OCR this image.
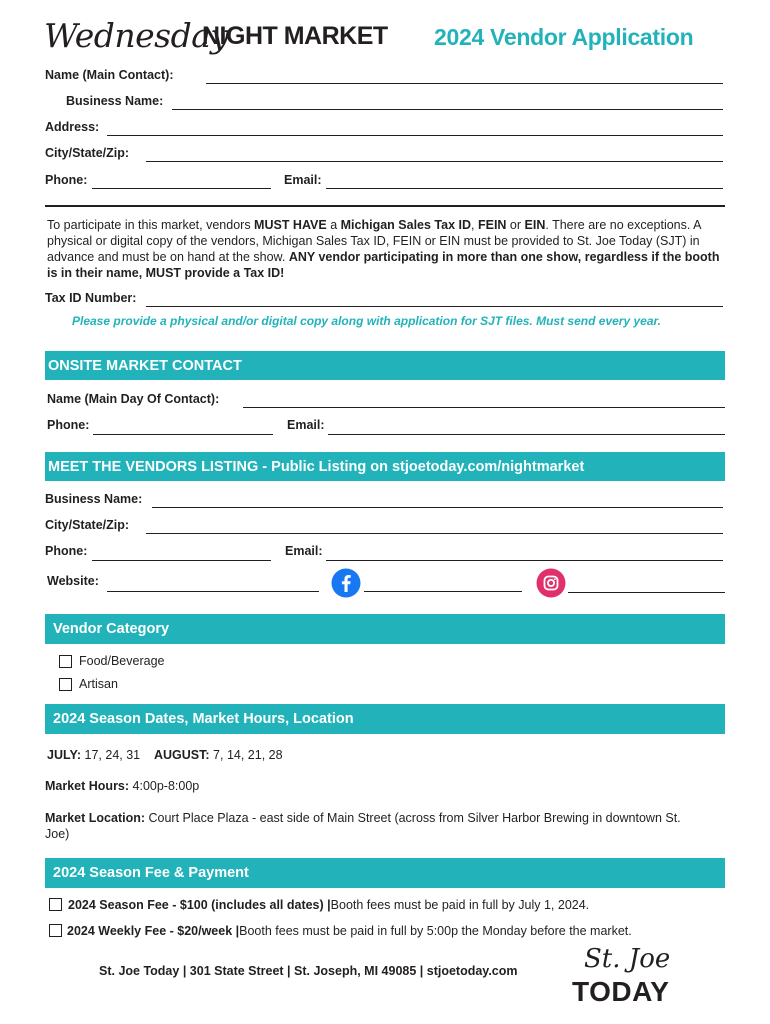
Wednesday
NIGHT MARKET 2024 Vendor Application
Name (Main Contact):
Business Name:
Address:
City/State/Zip:
Phone:	Email:
To participate in this market, vendors MUST HAVE a Michigan Sales Tax ID, FEIN or EIN. There are no exceptions. A physical or digital copy of the vendors, Michigan Sales Tax ID, FEIN or EIN must be provided to St. Joe Today (SJT) in advance and must be on hand at the show. ANY vendor participating in more than one show, regardless if the booth is in their name, MUST provide a Tax ID!
Tax ID Number:
Please provide a physical and/or digital copy along with application for SJT files. Must send every year.
ONSITE MARKET CONTACT
Name (Main Day Of Contact):
Phone:	Email:
MEET THE VENDORS LISTING - Public Listing on stjoetoday.com/nightmarket
Business Name:
City/State/Zip:
Phone:	Email:
Website:
Vendor Category
Food/Beverage
Artisan
2024 Season Dates, Market Hours, Location
JULY: 17, 24, 31 AUGUST: 7, 14, 21, 28
Market Hours: 4:00p-8:00p
Market Location: Court Place Plaza - east side of Main Street (across from Silver Harbor Brewing in downtown St. Joe)
2024 Season Fee & Payment
2024 Season Fee - $100 (includes all dates) |Booth fees must be paid in full by July 1, 2024.
2024 Weekly Fee - $20/week |Booth fees must be paid in full by 5:00p the Monday before the market.
St. Joe Today | 301 State Street | St. Joseph, MI 49085 | stjoetoday.com	St. Joe
TODAY
